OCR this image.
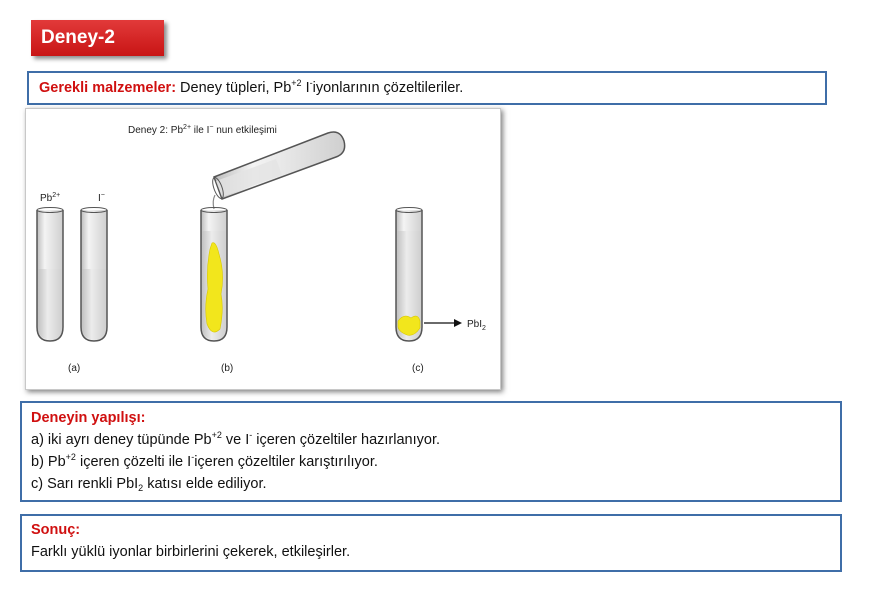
Deney-2
Gerekli malzemeler: Deney tüpleri, $Pb^{+2}$ I-iyonlarının çözeltileriler.
Deney 2: $Pb^{2+}$ ile I− nun etkileşimi
$Pb^{2+}$	I−
(a)	(b)
PbI$_2$
(c)
Deneyin yapılışı:
a) iki ayrı deney tüpünde $Pb^{+2}$ ve I- içeren çözeltiler hazırlanıyor.
b) $Pb^{+2}$ içeren çözelti ile I-içeren çözeltiler karıştırılıyor.
c) Sarı renkli PbI$_2$ katısı elde ediliyor.
Sonuç:
Farklı yüklü iyonlar birbirlerini çekerek, etkileşirler.
